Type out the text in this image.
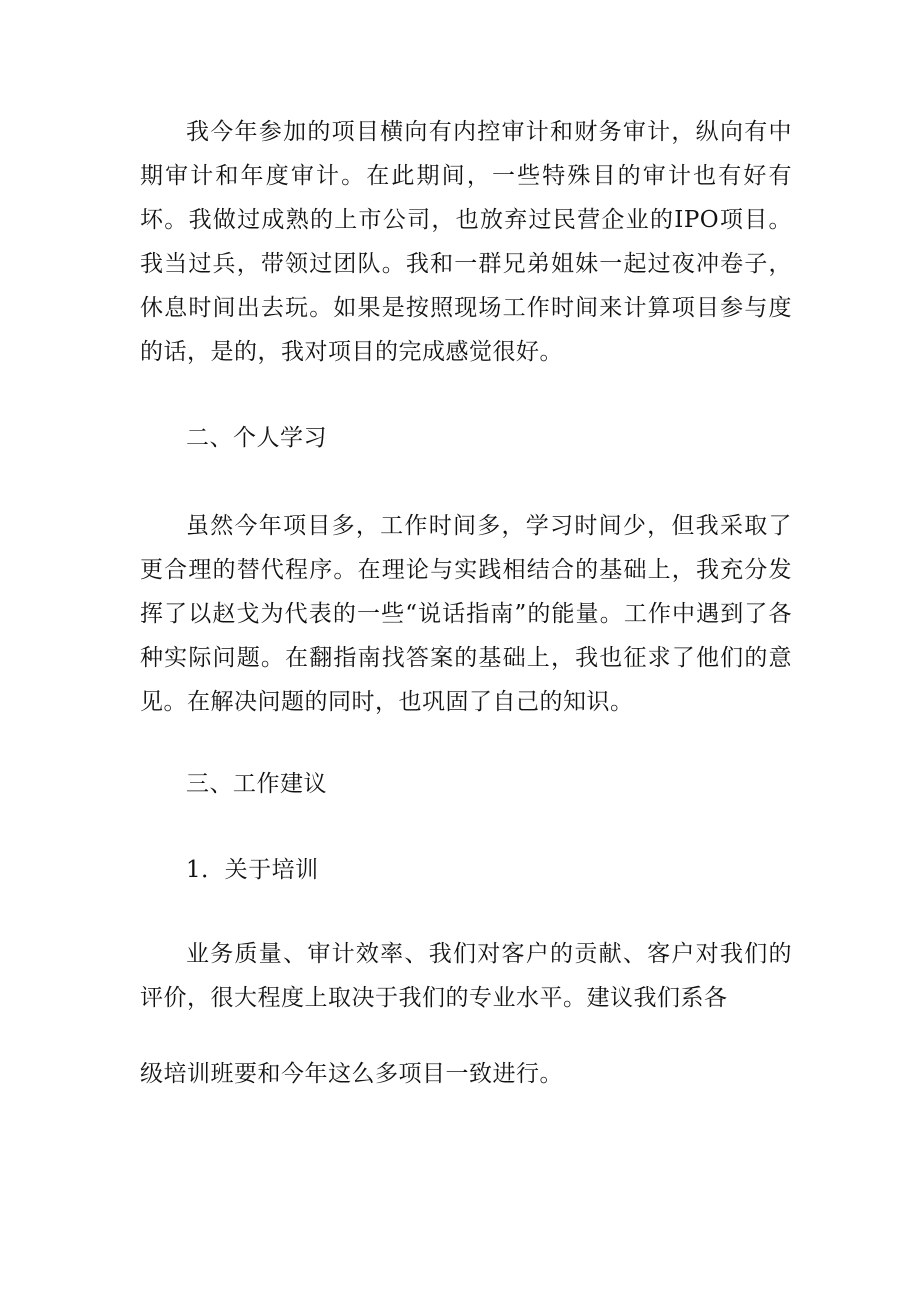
我今年参加的项目横向有内控审计和财务审计，纵向有中期审计和年度审计。在此期间，一些特殊目的审计也有好有坏。我做过成熟的上市公司，也放弃过民营企业的IPO项目。我当过兵，带领过团队。我和一群兄弟姐妹一起过夜冲卷子，休息时间出去玩。如果是按照现场工作时间来计算项目参与度的话，是的，我对项目的完成感觉很好。

二、个人学习

虽然今年项目多，工作时间多，学习时间少，但我采取了更合理的替代程序。在理论与实践相结合的基础上，我充分发挥了以赵戈为代表的一些“说话指南”的能量。工作中遇到了各种实际问题。在翻指南找答案的基础上，我也征求了他们的意见。在解决问题的同时，也巩固了自己的知识。

三、工作建议

1．关于培训

业务质量、审计效率、我们对客户的贡献、客户对我们的评价，很大程度上取决于我们的专业水平。建议我们系各

级培训班要和今年这么多项目一致进行。
